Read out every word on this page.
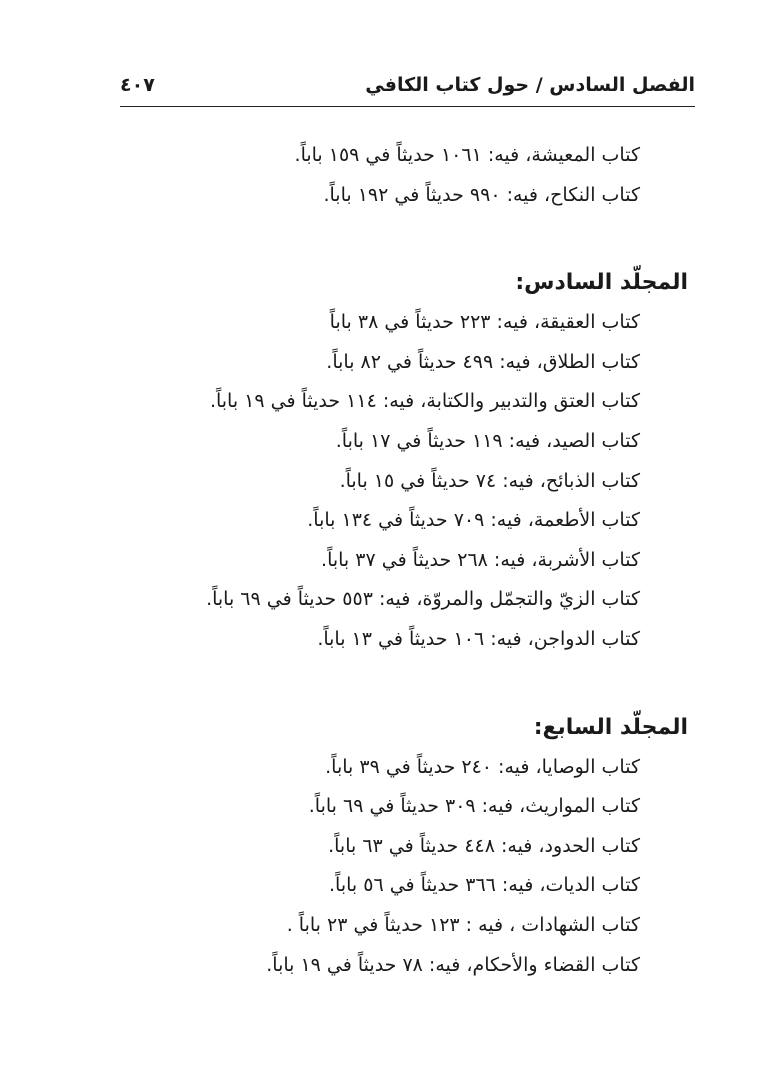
الفصل السادس / حول كتاب الكافي
٤٠٧
كتاب المعيشة، فيه: ١٠٦١ حديثاً في ١٥٩ باباً.
كتاب النكاح، فيه: ٩٩٠ حديثاً في ١٩٢ باباً.
المجلّد السادس:
كتاب العقيقة، فيه: ٢٢٣ حديثاً في ٣٨ باباً
كتاب الطلاق، فيه: ٤٩٩ حديثاً في ٨٢ باباً.
كتاب العتق والتدبير والكتابة، فيه: ١١٤ حديثاً في ١٩ باباً.
كتاب الصيد، فيه: ١١٩ حديثاً في ١٧ باباً.
كتاب الذبائح، فيه: ٧٤ حديثاً في ١٥ باباً.
كتاب الأطعمة، فيه: ٧٠٩ حديثاً في ١٣٤ باباً.
كتاب الأشربة، فيه: ٢٦٨ حديثاً في ٣٧ باباً.
كتاب الزيّ والتجمّل والمروّة، فيه: ٥٥٣ حديثاً في ٦٩ باباً.
كتاب الدواجن، فيه: ١٠٦ حديثاً في ١٣ باباً.
المجلّد السابع:
كتاب الوصايا، فيه: ٢٤٠ حديثاً في ٣٩ باباً.
كتاب المواريث، فيه: ٣٠٩ حديثاً في ٦٩ باباً.
كتاب الحدود، فيه: ٤٤٨ حديثاً في ٦٣ باباً.
كتاب الديات، فيه: ٣٦٦ حديثاً في ٥٦ باباً.
كتاب الشهادات ، فيه : ١٢٣ حديثاً في ٢٣ باباً .
كتاب القضاء والأحكام، فيه: ٧٨ حديثاً في ١٩ باباً.
